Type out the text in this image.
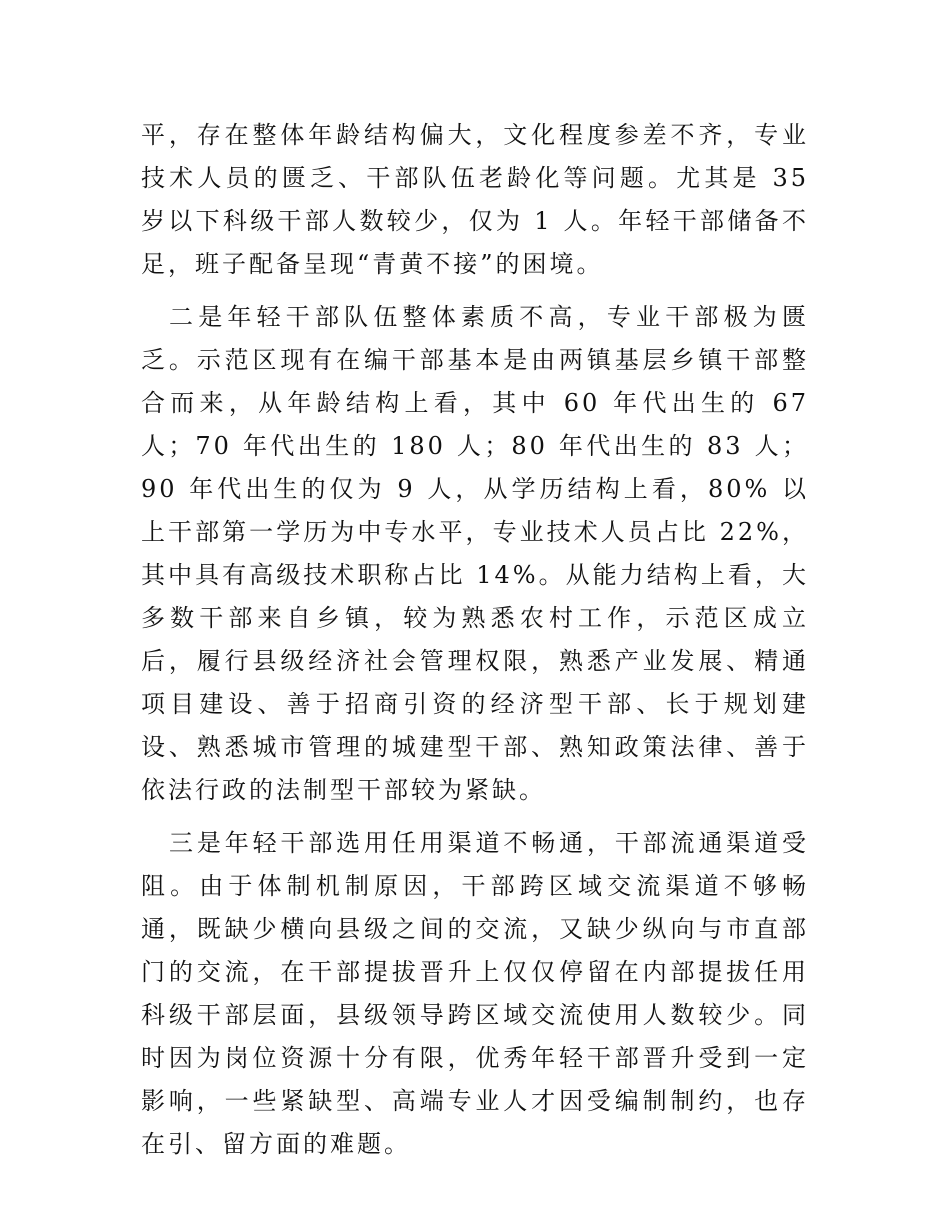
平，存在整体年龄结构偏大，文化程度参差不齐，专业技术人员的匮乏、干部队伍老龄化等问题。尤其是 35 岁以下科级干部人数较少，仅为 1 人。年轻干部储备不足，班子配备呈现“青黄不接”的困境。

二是年轻干部队伍整体素质不高，专业干部极为匮乏。示范区现有在编干部基本是由两镇基层乡镇干部整合而来，从年龄结构上看，其中 60 年代出生的 67 人；70 年代出生的 180 人；80 年代出生的 83 人；90 年代出生的仅为 9 人，从学历结构上看，80% 以上干部第一学历为中专水平，专业技术人员占比 22%，其中具有高级技术职称占比 14%。从能力结构上看，大多数干部来自乡镇，较为熟悉农村工作，示范区成立后，履行县级经济社会管理权限，熟悉产业发展、精通项目建设、善于招商引资的经济型干部、长于规划建设、熟悉城市管理的城建型干部、熟知政策法律、善于依法行政的法制型干部较为紧缺。

三是年轻干部选用任用渠道不畅通，干部流通渠道受阻。由于体制机制原因，干部跨区域交流渠道不够畅通，既缺少横向县级之间的交流，又缺少纵向与市直部门的交流，在干部提拔晋升上仅仅停留在内部提拔任用科级干部层面，县级领导跨区域交流使用人数较少。同时因为岗位资源十分有限，优秀年轻干部晋升受到一定影响，一些紧缺型、高端专业人才因受编制制约，也存在引、留方面的难题。
